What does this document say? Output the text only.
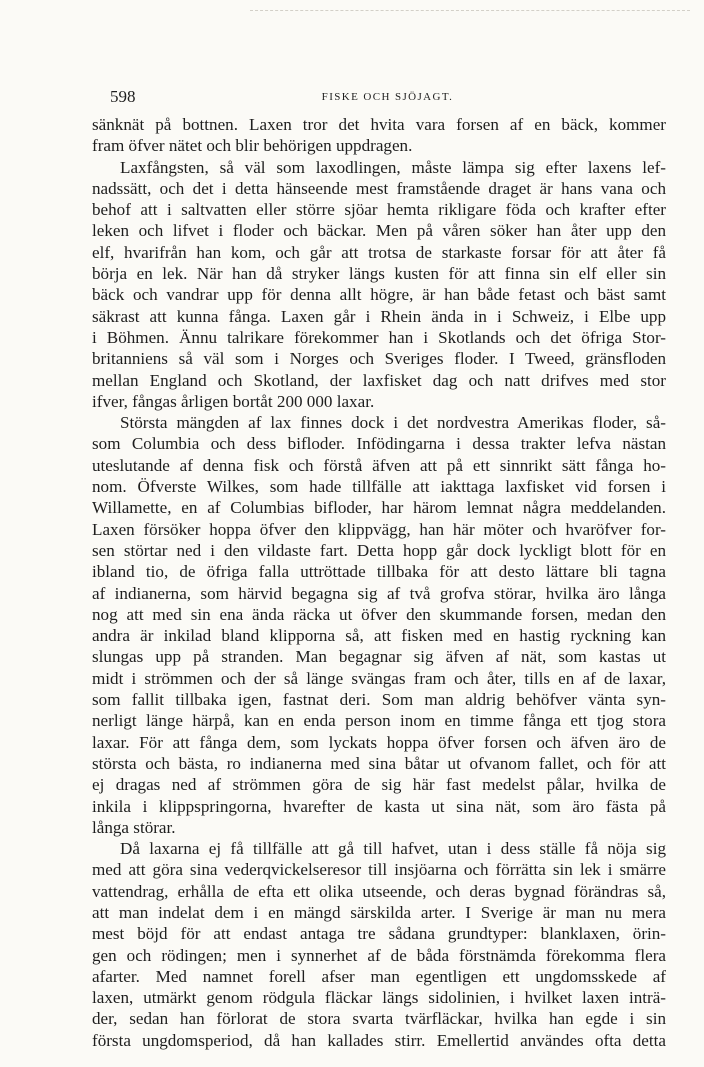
598	FISKE OCH SJÖJAGT.
sänknät på bottnen. Laxen tror det hvita vara forsen af en bäck, kommer
fram öfver nätet och blir behörigen uppdragen.
Laxfångsten, så väl som laxodlingen, måste lämpa sig efter laxens lef-
nadssätt, och det i detta hänseende mest framstående draget är hans vana och
behof att i saltvatten eller större sjöar hemta rikligare föda och krafter efter
leken och lifvet i floder och bäckar. Men på våren söker han åter upp den
elf, hvarifrån han kom, och går att trotsa de starkaste forsar för att åter få
börja en lek. När han då stryker längs kusten för att finna sin elf eller sin
bäck och vandrar upp för denna allt högre, är han både fetast och bäst samt
säkrast att kunna fånga. Laxen går i Rhein ända in i Schweiz, i Elbe upp
i Böhmen. Ännu talrikare förekommer han i Skotlands och det öfriga Stor-
britanniens så väl som i Norges och Sveriges floder. I Tweed, gränsfloden
mellan England och Skotland, der laxfisket dag och natt drifves med stor
ifver, fångas årligen bortåt 200 000 laxar.
Största mängden af lax finnes dock i det nordvestra Amerikas floder, så-
som Columbia och dess bifloder. Infödingarna i dessa trakter lefva nästan
uteslutande af denna fisk och förstå äfven att på ett sinnrikt sätt fånga ho-
nom. Öfverste Wilkes, som hade tillfälle att iakttaga laxfisket vid forsen i
Willamette, en af Columbias bifloder, har härom lemnat några meddelanden.
Laxen försöker hoppa öfver den klippvägg, han här möter och hvaröfver for-
sen störtar ned i den vildaste fart. Detta hopp går dock lyckligt blott för en
ibland tio, de öfriga falla uttröttade tillbaka för att desto lättare bli tagna
af indianerna, som härvid begagna sig af två grofva störar, hvilka äro långa
nog att med sin ena ända räcka ut öfver den skummande forsen, medan den
andra är inkilad bland klipporna så, att fisken med en hastig ryckning kan
slungas upp på stranden. Man begagnar sig äfven af nät, som kastas ut
midt i strömmen och der så länge svängas fram och åter, tills en af de laxar,
som fallit tillbaka igen, fastnat deri. Som man aldrig behöfver vänta syn-
nerligt länge härpå, kan en enda person inom en timme fånga ett tjog stora
laxar. För att fånga dem, som lyckats hoppa öfver forsen och äfven äro de
största och bästa, ro indianerna med sina båtar ut ofvanom fallet, och för att
ej dragas ned af strömmen göra de sig här fast medelst pålar, hvilka de
inkila i klippspringorna, hvarefter de kasta ut sina nät, som äro fästa på
långa störar.
Då laxarna ej få tillfälle att gå till hafvet, utan i dess ställe få nöja sig
med att göra sina vederqvickelseresor till insjöarna och förrätta sin lek i smärre
vattendrag, erhålla de efta ett olika utseende, och deras bygnad förändras så,
att man indelat dem i en mängd särskilda arter. I Sverige är man nu mera
mest böjd för att endast antaga tre sådana grundtyper: blanklaxen, örin-
gen och rödingen; men i synnerhet af de båda förstnämda förekomma flera
afarter. Med namnet forell afser man egentligen ett ungdomsskede af
laxen, utmärkt genom rödgula fläckar längs sidolinien, i hvilket laxen inträ-
der, sedan han förlorat de stora svarta tvärfläckar, hvilka han egde i sin
första ungdomsperiod, då han kallades stirr. Emellertid användes ofta detta
